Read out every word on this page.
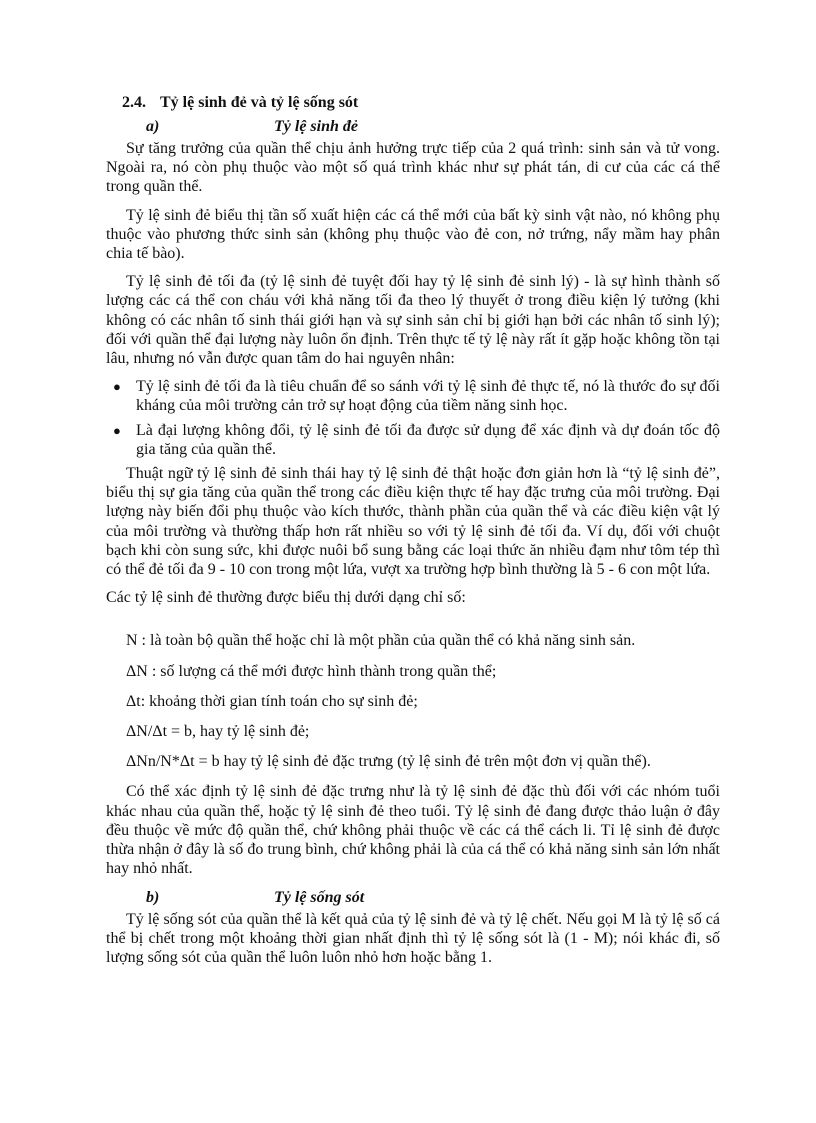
2.4. Tỷ lệ sinh đẻ và tỷ lệ sống sót
a)	Tỷ lệ sinh đẻ

Sự tăng trưởng của quần thể chịu ảnh hưởng trực tiếp của 2 quá trình: sinh sản và tử vong. Ngoài ra, nó còn phụ thuộc vào một số quá trình khác như sự phát tán, di cư của các cá thể trong quần thể.

Tỷ lệ sinh đẻ biểu thị tần số xuất hiện các cá thể mới của bất kỳ sinh vật nào, nó không phụ thuộc vào phương thức sinh sản (không phụ thuộc vào đẻ con, nở trứng, nẩy mầm hay phân chia tế bào).

Tỷ lệ sinh đẻ tối đa (tỷ lệ sinh đẻ tuyệt đối hay tỷ lệ sinh đẻ sinh lý) - là sự hình thành số lượng các cá thể con cháu với khả năng tối đa theo lý thuyết ở trong điều kiện lý tưởng (khi không có các nhân tố sinh thái giới hạn và sự sinh sản chỉ bị giới hạn bởi các nhân tố sinh lý); đối với quần thể đại lượng này luôn ổn định. Trên thực tế tỷ lệ này rất ít gặp hoặc không tồn tại lâu, nhưng nó vẫn được quan tâm do hai nguyên nhân:

● Tỷ lệ sinh đẻ tối đa là tiêu chuẩn để so sánh với tỷ lệ sinh đẻ thực tế, nó là thước đo sự đối kháng của môi trường cản trở sự hoạt động của tiềm năng sinh học.
● Là đại lượng không đổi, tỷ lệ sinh đẻ tối đa được sử dụng để xác định và dự đoán tốc độ gia tăng của quần thể.

Thuật ngữ tỷ lệ sinh đẻ sinh thái hay tỷ lệ sinh đẻ thật hoặc đơn giản hơn là “tỷ lệ sinh đẻ”, biểu thị sự gia tăng của quần thể trong các điều kiện thực tế hay đặc trưng của môi trường. Đại lượng này biến đổi phụ thuộc vào kích thước, thành phần của quần thể và các điều kiện vật lý của môi trường và thường thấp hơn rất nhiều so với tỷ lệ sinh đẻ tối đa. Ví dụ, đối với chuột bạch khi còn sung sức, khi được nuôi bổ sung bằng các loại thức ăn nhiều đạm như tôm tép thì có thể đẻ tối đa 9 - 10 con trong một lứa, vượt xa trường hợp bình thường là 5 - 6 con một lứa.

Các tỷ lệ sinh đẻ thường được biểu thị dưới dạng chỉ số:

N : là toàn bộ quần thể hoặc chỉ là một phần của quần thể có khả năng sinh sản.
ΔN : số lượng cá thể mới được hình thành trong quần thể;
Δt: khoảng thời gian tính toán cho sự sinh đẻ;
ΔN/Δt = b, hay tỷ lệ sinh đẻ;
ΔNn/N*Δt = b hay tỷ lệ sinh đẻ đặc trưng (tỷ lệ sinh đẻ trên một đơn vị quần thể).

Có thể xác định tỷ lệ sinh đẻ đặc trưng như là tỷ lệ sinh đẻ đặc thù đối với các nhóm tuổi khác nhau của quần thể, hoặc tỷ lệ sinh đẻ theo tuổi. Tỷ lệ sinh đẻ đang được thảo luận ở đây đều thuộc về mức độ quần thể, chứ không phải thuộc về các cá thể cách li. Tỉ lệ sinh đẻ được thừa nhận ở đây là số đo trung bình, chứ không phải là của cá thể có khả năng sinh sản lớn nhất hay nhỏ nhất.

b)	Tỷ lệ sống sót

Tỷ lệ sống sót của quần thể là kết quả của tỷ lệ sinh đẻ và tỷ lệ chết. Nếu gọi M là tỷ lệ số cá thể bị chết trong một khoảng thời gian nhất định thì tỷ lệ sống sót là (1 - M); nói khác đi, số lượng sống sót của quần thể luôn luôn nhỏ hơn hoặc bằng 1.
